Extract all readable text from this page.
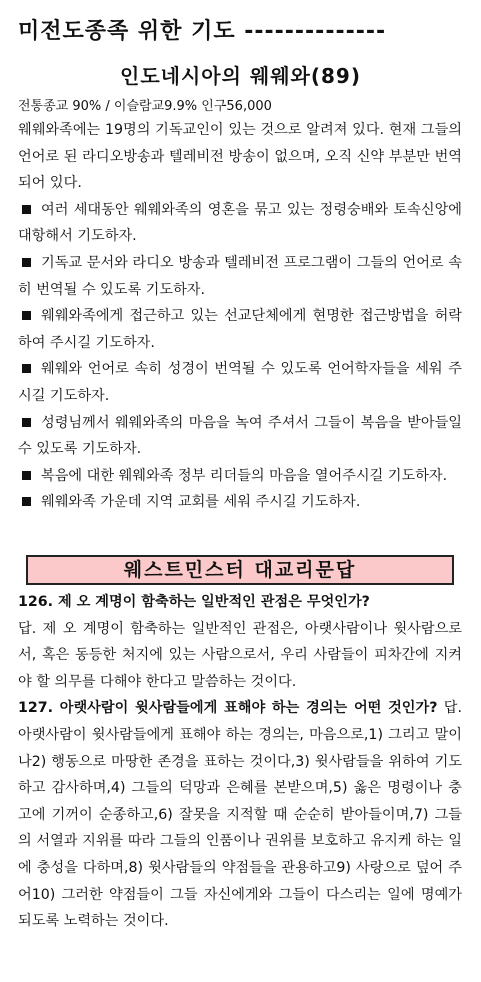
미전도종족 위한 기도 --------------
인도네시아의 웨웨와(89)
전통종교 90% / 이슬람교9.9% 인구56,000

웨웨와족에는 19명의 기독교인이 있는 것으로 알려져 있다. 현재 그들의 언어로 된 라디오방송과 텔레비전 방송이 없으며, 오직 신약 부분만 번역되어 있다.

여러 세대동안 웨웨와족의 영혼을 묶고 있는 정령숭배와 토속신앙에 대항해서 기도하자.

기독교 문서와 라디오 방송과 텔레비전 프로그램이 그들의 언어로 속히 번역될 수 있도록 기도하자.

웨웨와족에게 접근하고 있는 선교단체에게 현명한 접근방법을 허락하여 주시길 기도하자.

웨웨와 언어로 속히 성경이 번역될 수 있도록 언어학자들을 세워 주시길 기도하자.

성령님께서 웨웨와족의 마음을 녹여 주셔서 그들이 복음을 받아들일 수 있도록 기도하자.

복음에 대한 웨웨와족 정부 리더들의 마음을 열어주시길 기도하자.

웨웨와족 가운데 지역 교회를 세워 주시길 기도하자.

웨스트민스터 대교리문답

126. 제 오 계명이 함축하는 일반적인 관점은 무엇인가?

답. 제 오 계명이 함축하는 일반적인 관점은, 아랫사람이나 윗사람으로서, 혹은 동등한 처지에 있는 사람으로서, 우리 사람들이 피차간에 지켜야 할 의무를 다해야 한다고 말씀하는 것이다.

127. 아랫사람이 윗사람들에게 표해야 하는 경의는 어떤 것인가? 답. 아랫사람이 윗사람들에게 표해야 하는 경의는, 마음으로,1) 그리고 말이나2) 행동으로 마땅한 존경을 표하는 것이다,3) 윗사람들을 위하여 기도하고 감사하며,4) 그들의 덕망과 은혜를 본받으며,5) 옳은 명령이나 충고에 기꺼이 순종하고,6) 잘못을 지적할 때 순순히 받아들이며,7) 그들의 서열과 지위를 따라 그들의 인품이나 권위를 보호하고 유지케 하는 일에 충성을 다하며,8) 윗사람들의 약점들을 관용하고9) 사랑으로 덮어 주어10) 그러한 약점들이 그들 자신에게와 그들이 다스리는 일에 명예가 되도록 노력하는 것이다.
